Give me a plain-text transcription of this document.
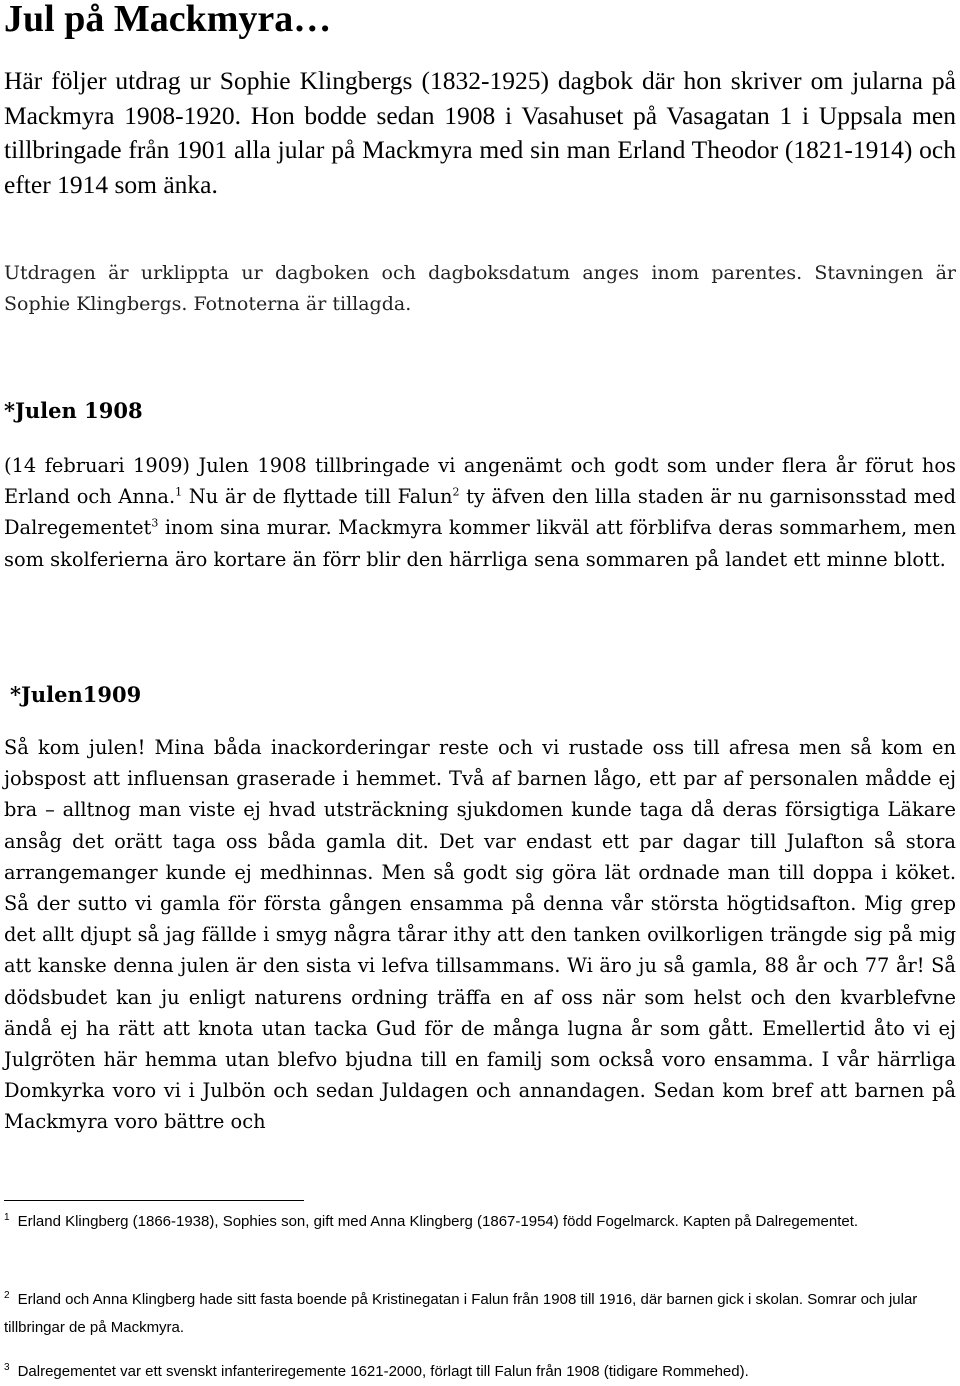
Jul på Mackmyra…
Här följer utdrag ur Sophie Klingbergs (1832-1925) dagbok där hon skriver om jularna på Mackmyra 1908-1920. Hon bodde sedan 1908 i Vasahuset på Vasagatan 1 i Uppsala men tillbringade från 1901 alla jular på Mackmyra med sin man Erland Theodor (1821-1914) och efter 1914 som änka.
Utdragen är urklippta ur dagboken och dagboksdatum anges inom parentes. Stavningen är Sophie Klingbergs. Fotnoterna är tillagda.
*Julen 1908
(14 februari 1909) Julen 1908 tillbringade vi angenämt och godt som under flera år förut hos Erland och Anna.$^1$ Nu är de flyttade till Falun$^2$ ty äfven den lilla staden är nu garnisonsstad med Dalregementet$^3$ inom sina murar. Mackmyra kommer likväl att förblifva deras sommarhem, men som skolferierna äro kortare än förr blir den härrliga sena sommaren på landet ett minne blott.
*Julen1909
Så kom julen! Mina båda inackorderingar reste och vi rustade oss till afresa men så kom en jobspost att influensan graserade i hemmet. Två af barnen lågo, ett par af personalen mådde ej bra – alltnog man viste ej hvad utsträckning sjukdomen kunde taga då deras försigtiga Läkare ansåg det orätt taga oss båda gamla dit. Det var endast ett par dagar till Julafton så stora arrangemanger kunde ej medhinnas. Men så godt sig göra lät ordnade man till doppa i köket. Så der sutto vi gamla för första gången ensamma på denna vår största högtidsafton. Mig grep det allt djupt så jag fällde i smyg några tårar ithy att den tanken ovilkorligen trängde sig på mig att kanske denna julen är den sista vi lefva tillsammans. Wi äro ju så gamla, 88 år och 77 år! Så dödsbudet kan ju enligt naturens ordning träffa en af oss när som helst och den kvarblefvne ändå ej ha rätt att knota utan tacka Gud för de många lugna år som gått. Emellertid åto vi ej Julgröten här hemma utan blefvo bjudna till en familj som också voro ensamma. I vår härrliga Domkyrka voro vi i Julbön och sedan Juldagen och annandagen. Sedan kom bref att barnen på Mackmyra voro bättre och
$^1$ Erland Klingberg (1866-1938), Sophies son, gift med Anna Klingberg (1867-1954) född Fogelmarck. Kapten på Dalregementet.
$^2$ Erland och Anna Klingberg hade sitt fasta boende på Kristinegatan i Falun från 1908 till 1916, där barnen gick i skolan. Somrar och jular tillbringar de på Mackmyra.
$^3$ Dalregementet var ett svenskt infanteriregemente 1621-2000, förlagt till Falun från 1908 (tidigare Rommehed).
